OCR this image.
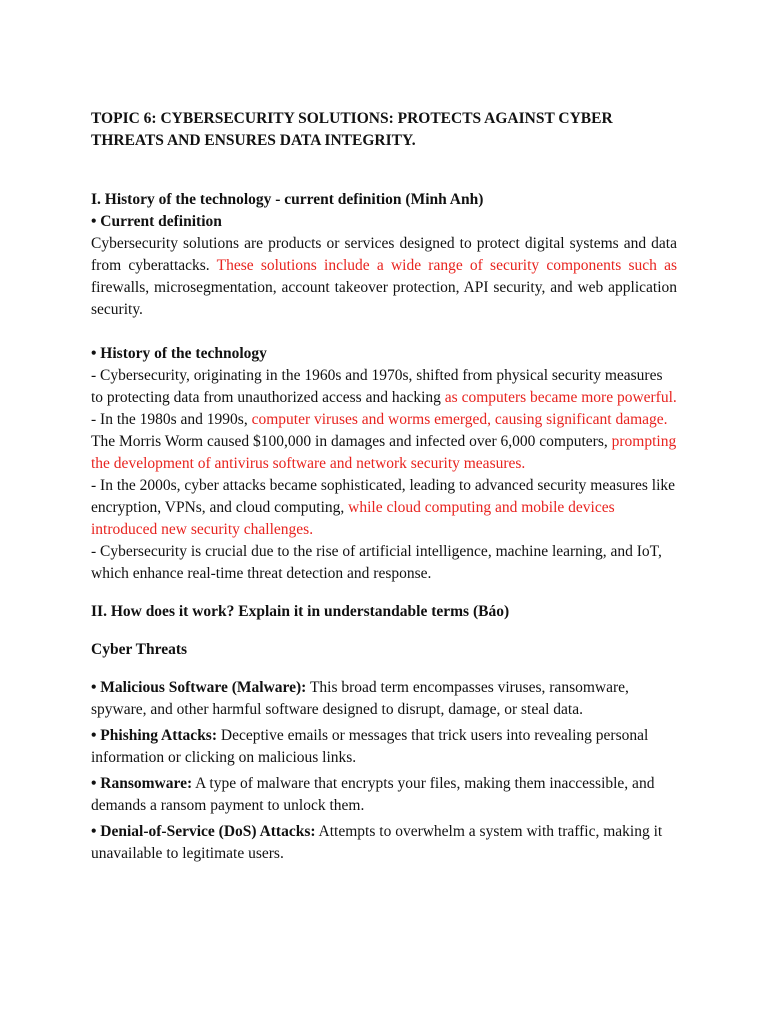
TOPIC 6: CYBERSECURITY SOLUTIONS: PROTECTS AGAINST CYBER THREATS AND ENSURES DATA INTEGRITY.

I. History of the technology - current definition (Minh Anh)

• Current definition

Cybersecurity solutions are products or services designed to protect digital systems and data from cyberattacks. These solutions include a wide range of security components such as firewalls, microsegmentation, account takeover protection, API security, and web application security.

• History of the technology

- Cybersecurity, originating in the 1960s and 1970s, shifted from physical security measures to protecting data from unauthorized access and hacking as computers became more powerful.

- In the 1980s and 1990s, computer viruses and worms emerged, causing significant damage. The Morris Worm caused $100,000 in damages and infected over 6,000 computers, prompting the development of antivirus software and network security measures.

- In the 2000s, cyber attacks became sophisticated, leading to advanced security measures like encryption, VPNs, and cloud computing, while cloud computing and mobile devices introduced new security challenges.

- Cybersecurity is crucial due to the rise of artificial intelligence, machine learning, and IoT, which enhance real-time threat detection and response.

II. How does it work? Explain it in understandable terms (Báo)

Cyber Threats

• Malicious Software (Malware): This broad term encompasses viruses, ransomware, spyware, and other harmful software designed to disrupt, damage, or steal data.

• Phishing Attacks: Deceptive emails or messages that trick users into revealing personal information or clicking on malicious links.

• Ransomware: A type of malware that encrypts your files, making them inaccessible, and demands a ransom payment to unlock them.

• Denial-of-Service (DoS) Attacks: Attempts to overwhelm a system with traffic, making it unavailable to legitimate users.
